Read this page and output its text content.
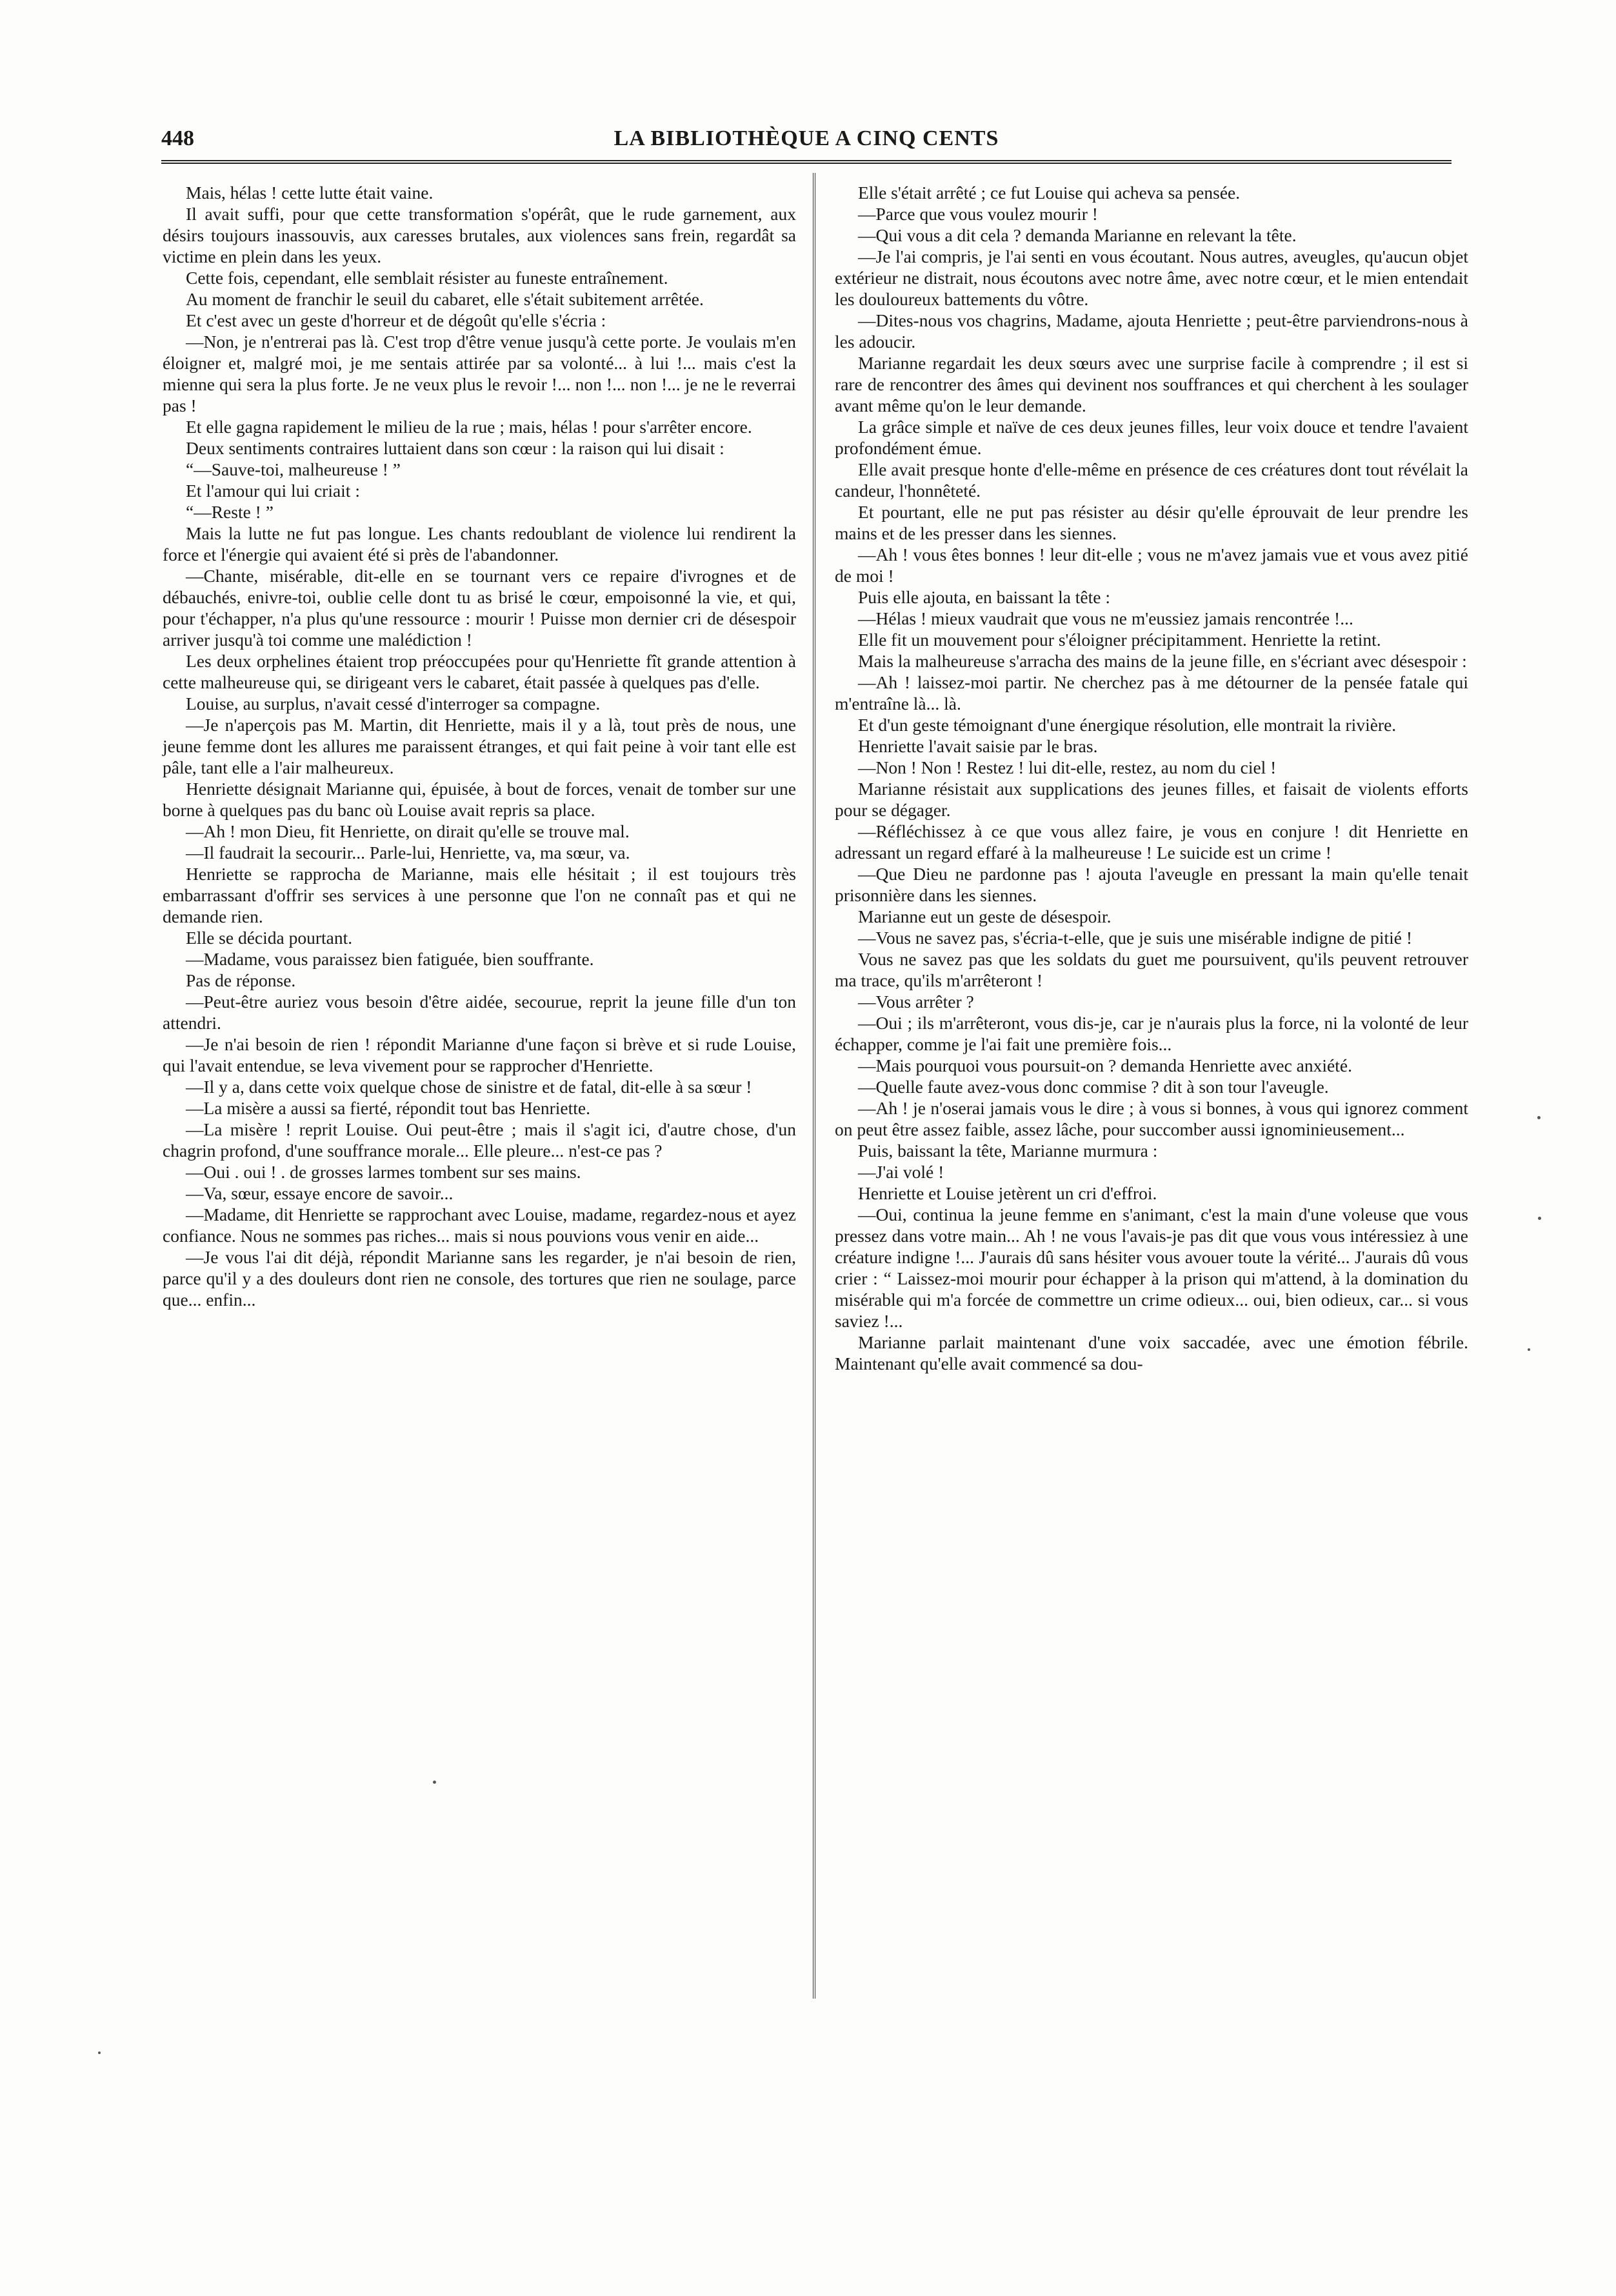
448	LA BIBLIOTHÈQUE A CINQ CENTS

Mais, hélas ! cette lutte était vaine.

Il avait suffi, pour que cette transformation s'opérât, que le rude garnement, aux désirs toujours inassouvis, aux caresses brutales, aux violences sans frein, regardât sa victime en plein dans les yeux.

Cette fois, cependant, elle semblait résister au funeste entraînement.

Au moment de franchir le seuil du cabaret, elle s'était subitement arrêtée.

Et c'est avec un geste d'horreur et de dégoût qu'elle s'écria :

—Non, je n'entrerai pas là. C'est trop d'être venue jusqu'à cette porte. Je voulais m'en éloigner et, malgré moi, je me sentais attirée par sa volonté... à lui !... mais c'est la mienne qui sera la plus forte. Je ne veux plus le revoir !... non !... non !... je ne le reverrai pas !

Et elle gagna rapidement le milieu de la rue ; mais, hélas ! pour s'arrêter encore.

Deux sentiments contraires luttaient dans son cœur : la raison qui lui disait :

“—Sauve-toi, malheureuse ! ”

Et l'amour qui lui criait :

“—Reste ! ”

Mais la lutte ne fut pas longue. Les chants redoublant de violence lui rendirent la force et l'énergie qui avaient été si près de l'abandonner.

—Chante, misérable, dit-elle en se tournant vers ce repaire d'ivrognes et de débauchés, enivre-toi, oublie celle dont tu as brisé le cœur, empoisonné la vie, et qui, pour t'échapper, n'a plus qu'une ressource : mourir ! Puisse mon dernier cri de désespoir arriver jusqu'à toi comme une malédiction !

Les deux orphelines étaient trop préoccupées pour qu'Henriette fît grande attention à cette malheureuse qui, se dirigeant vers le cabaret, était passée à quelques pas d'elle.

Louise, au surplus, n'avait cessé d'interroger sa compagne.

—Je n'aperçois pas M. Martin, dit Henriette, mais il y a là, tout près de nous, une jeune femme dont les allures me paraissent étranges, et qui fait peine à voir tant elle est pâle, tant elle a l'air malheureux.

Henriette désignait Marianne qui, épuisée, à bout de forces, venait de tomber sur une borne à quelques pas du banc où Louise avait repris sa place.

—Ah ! mon Dieu, fit Henriette, on dirait qu'elle se trouve mal.

—Il faudrait la secourir... Parle-lui, Henriette, va, ma sœur, va.

Henriette se rapprocha de Marianne, mais elle hésitait ; il est toujours très embarrassant d'offrir ses services à une personne que l'on ne connaît pas et qui ne demande rien.

Elle se décida pourtant.

—Madame, vous paraissez bien fatiguée, bien souffrante.

Pas de réponse.

—Peut-être auriez vous besoin d'être aidée, secourue, reprit la jeune fille d'un ton attendri.

—Je n'ai besoin de rien ! répondit Marianne d'une façon si brève et si rude Louise, qui l'avait entendue, se leva vivement pour se rapprocher d'Henriette.

—Il y a, dans cette voix quelque chose de sinistre et de fatal, dit-elle à sa sœur !

—La misère a aussi sa fierté, répondit tout bas Henriette.

—La misère ! reprit Louise. Oui peut-être ; mais il s'agit ici, d'autre chose, d'un chagrin profond, d'une souffrance morale... Elle pleure... n'est-ce pas ?

—Oui . oui ! . de grosses larmes tombent sur ses mains.

—Va, sœur, essaye encore de savoir...

—Madame, dit Henriette se rapprochant avec Louise, madame, regardez-nous et ayez confiance. Nous ne sommes pas riches... mais si nous pouvions vous venir en aide...

—Je vous l'ai dit déjà, répondit Marianne sans les regarder, je n'ai besoin de rien, parce qu'il y a des douleurs dont rien ne console, des tortures que rien ne soulage, parce que... enfin...

Elle s'était arrêté ; ce fut Louise qui acheva sa pensée.

—Parce que vous voulez mourir !

—Qui vous a dit cela ? demanda Marianne en relevant la tête.

—Je l'ai compris, je l'ai senti en vous écoutant. Nous autres, aveugles, qu'aucun objet extérieur ne distrait, nous écoutons avec notre âme, avec notre cœur, et le mien entendait les douloureux battements du vôtre.

—Dites-nous vos chagrins, Madame, ajouta Henriette ; peut-être parviendrons-nous à les adoucir.

Marianne regardait les deux sœurs avec une surprise facile à comprendre ; il est si rare de rencontrer des âmes qui devinent nos souffrances et qui cherchent à les soulager avant même qu'on le leur demande.

La grâce simple et naïve de ces deux jeunes filles, leur voix douce et tendre l'avaient profondément émue.

Elle avait presque honte d'elle-même en présence de ces créatures dont tout révélait la candeur, l'honnêteté.

Et pourtant, elle ne put pas résister au désir qu'elle éprouvait de leur prendre les mains et de les presser dans les siennes.

—Ah ! vous êtes bonnes ! leur dit-elle ; vous ne m'avez jamais vue et vous avez pitié de moi !

Puis elle ajouta, en baissant la tête :

—Hélas ! mieux vaudrait que vous ne m'eussiez jamais rencontrée !...

Elle fit un mouvement pour s'éloigner précipitamment. Henriette la retint.

Mais la malheureuse s'arracha des mains de la jeune fille, en s'écriant avec désespoir :

—Ah ! laissez-moi partir. Ne cherchez pas à me détourner de la pensée fatale qui m'entraîne là... là.

Et d'un geste témoignant d'une énergique résolution, elle montrait la rivière.

Henriette l'avait saisie par le bras.

—Non ! Non ! Restez ! lui dit-elle, restez, au nom du ciel !

Marianne résistait aux supplications des jeunes filles, et faisait de violents efforts pour se dégager.

—Réfléchissez à ce que vous allez faire, je vous en conjure ! dit Henriette en adressant un regard effaré à la malheureuse ! Le suicide est un crime !

—Que Dieu ne pardonne pas ! ajouta l'aveugle en pressant la main qu'elle tenait prisonnière dans les siennes.

Marianne eut un geste de désespoir.

—Vous ne savez pas, s'écria-t-elle, que je suis une misérable indigne de pitié !

Vous ne savez pas que les soldats du guet me poursuivent, qu'ils peuvent retrouver ma trace, qu'ils m'arrêteront !

—Vous arrêter ?

—Oui ; ils m'arrêteront, vous dis-je, car je n'aurais plus la force, ni la volonté de leur échapper, comme je l'ai fait une première fois...

—Mais pourquoi vous poursuit-on ? demanda Henriette avec anxiété.

—Quelle faute avez-vous donc commise ? dit à son tour l'aveugle.

—Ah ! je n'oserai jamais vous le dire ; à vous si bonnes, à vous qui ignorez comment on peut être assez faible, assez lâche, pour succomber aussi ignominieusement...

Puis, baissant la tête, Marianne murmura :

—J'ai volé !

Henriette et Louise jetèrent un cri d'effroi.

—Oui, continua la jeune femme en s'animant, c'est la main d'une voleuse que vous pressez dans votre main... Ah ! ne vous l'avais-je pas dit que vous vous intéressiez à une créature indigne !... J'aurais dû sans hésiter vous avouer toute la vérité... J'aurais dû vous crier : “ Laissez-moi mourir pour échapper à la prison qui m'attend, à la domination du misérable qui m'a forcée de commettre un crime odieux... oui, bien odieux, car... si vous saviez !...

Marianne parlait maintenant d'une voix saccadée, avec une émotion fébrile. Maintenant qu'elle avait commencé sa dou-
